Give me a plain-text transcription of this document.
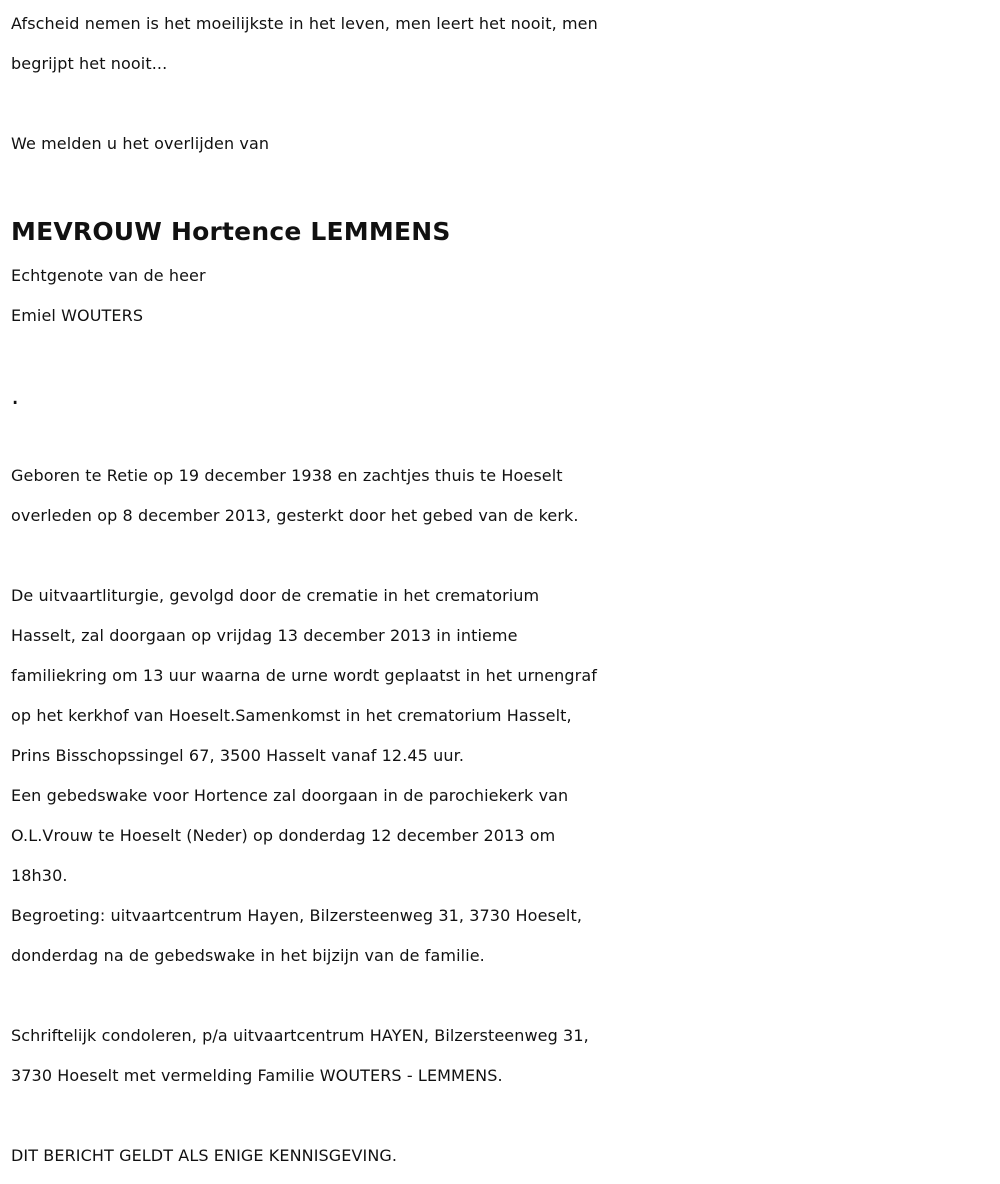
Afscheid nemen is het moeilijkste in het leven, men leert het nooit, men
begrijpt het nooit...
We melden u het overlijden van
MEVROUW Hortence LEMMENS
Echtgenote van de heer
Emiel WOUTERS
.
Geboren te Retie op 19 december 1938 en zachtjes thuis te Hoeselt
overleden op 8 december 2013, gesterkt door het gebed van de kerk.
De uitvaartliturgie, gevolgd door de crematie in het crematorium
Hasselt, zal doorgaan op vrijdag 13 december 2013 in intieme
familiekring om 13 uur waarna de urne wordt geplaatst in het urnengraf
op het kerkhof van Hoeselt.Samenkomst in het crematorium Hasselt,
Prins Bisschopssingel 67, 3500 Hasselt vanaf 12.45 uur.
Een gebedswake voor Hortence zal doorgaan in de parochiekerk van
O.L.Vrouw te Hoeselt (Neder) op donderdag 12 december 2013 om
18h30.
Begroeting: uitvaartcentrum Hayen, Bilzersteenweg 31, 3730 Hoeselt,
donderdag na de gebedswake in het bijzijn van de familie.
Schriftelijk condoleren, p/a uitvaartcentrum HAYEN, Bilzersteenweg 31,
3730 Hoeselt met vermelding Familie WOUTERS - LEMMENS.
DIT BERICHT GELDT ALS ENIGE KENNISGEVING.
